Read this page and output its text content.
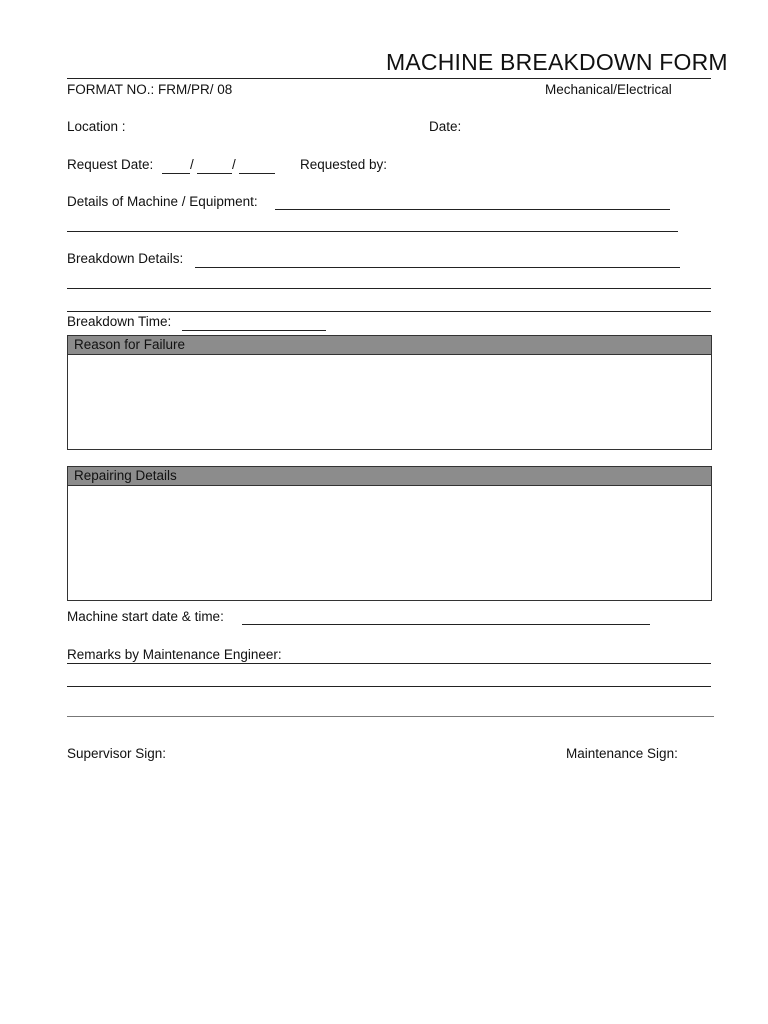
MACHINE BREAKDOWN FORM
FORMAT NO.: FRM/PR/ 08	Mechanical/Electrical
Location :	Date:
Request Date:	/	/	Requested by:
Details of Machine / Equipment:
Breakdown Details:
Breakdown Time:
Reason for Failure
Repairing Details
Machine start date & time:
Remarks by Maintenance Engineer:
Supervisor Sign:	Maintenance Sign:
